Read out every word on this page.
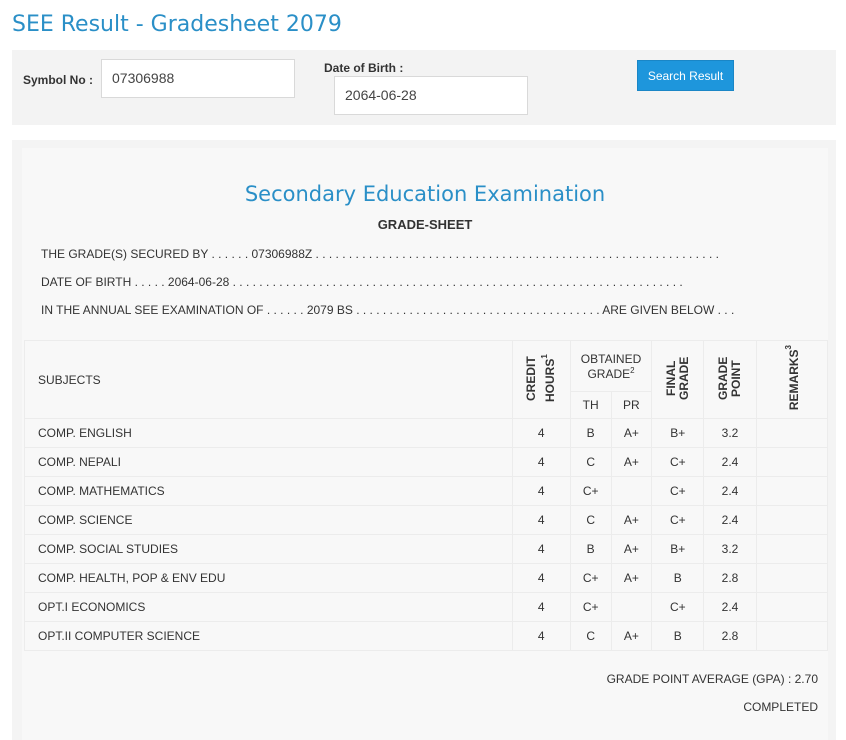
SEE Result - Gradesheet 2079
Symbol No :	07306988
Date of Birth :
2064-06-28
Search Result
Secondary Education Examination
GRADE-SHEET
THE GRADE(S) SECURED BY . . . . . . 07306988Z . . . . . . . . . . . . . . . . . . . . . . . . . . . . . . . . . . . . . . . . . . . . . . . . . . . . . . . . . . . . .
DATE OF BIRTH . . . . . 2064-06-28 . . . . . . . . . . . . . . . . . . . . . . . . . . . . . . . . . . . . . . . . . . . . . . . . . . . . . . . . . . . . . . . . . . . .
IN THE ANNUAL SEE EXAMINATION OF . . . . . . 2079 BS . . . . . . . . . . . . . . . . . . . . . . . . . . . . . . . . . . . . . ARE GIVEN BELOW . . .
SUBJECTS	CREDIT HOURS$^1$	OBTAINED GRADE$^2$		FINAL GRADE	GRADE POINT	REMARKS$^3$
		TH	PR			
COMP. ENGLISH	4	B	A+	B+	3.2	
COMP. NEPALI	4	C	A+	C+	2.4	
COMP. MATHEMATICS	4	C+		C+	2.4	
COMP. SCIENCE	4	C	A+	C+	2.4	
COMP. SOCIAL STUDIES	4	B	A+	B+	3.2	
COMP. HEALTH, POP & ENV EDU	4	C+	A+	B	2.8	
OPT.I ECONOMICS	4	C+		C+	2.4	
OPT.II COMPUTER SCIENCE	4	C	A+	B	2.8	
GRADE POINT AVERAGE (GPA) : 2.70
COMPLETED
